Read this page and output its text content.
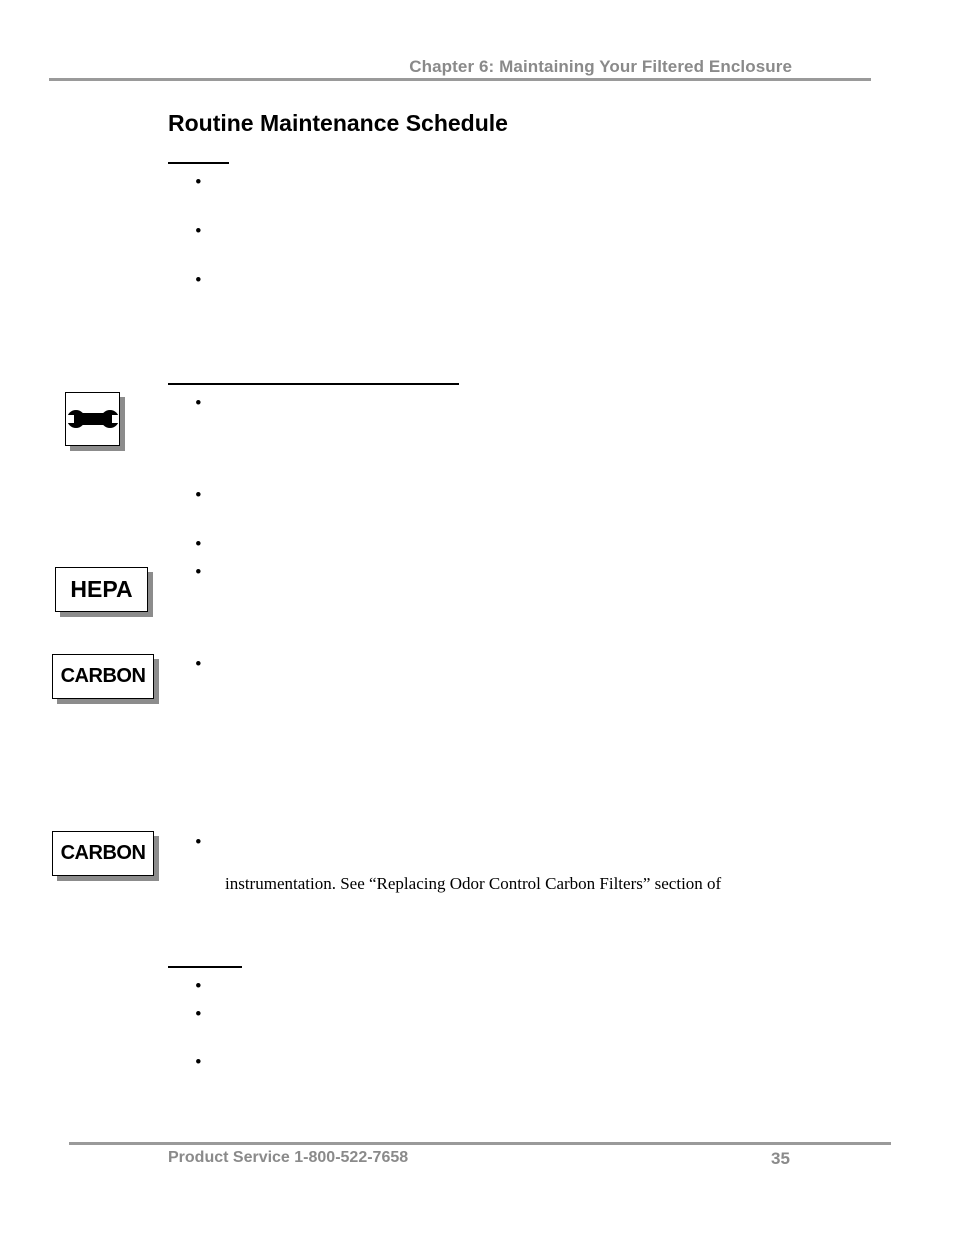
Chapter 6: Maintaining Your Filtered Enclosure
Routine Maintenance Schedule
•
•
•
•
•
•
HEPA
•
CARBON
•
CARBON	•
instrumentation. See “Replacing Odor Control Carbon Filters” section of
•
•
•
Product Service 1-800-522-7658	35
